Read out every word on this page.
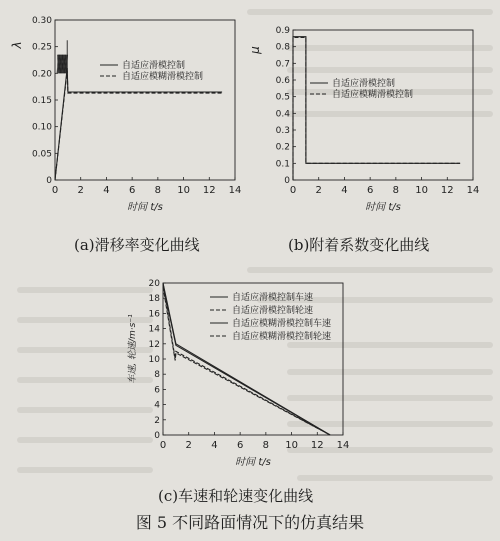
0 2 4 6 8 10 12 14
0
0.05
0.10
0.15
0.20
0.25
0.30
时间 t/s
λ
自适应滑模控制
自适应模糊滑模控制
(a)滑移率变化曲线
0 2 4 6 8 10 12 14
0
0.1
0.2
0.3
0.4
0.5
0.6
0.7
0.8
0.9
时间 t/s
μ
自适应滑模控制
自适应模糊滑模控制
(b)附着系数变化曲线
0 2 4 6 8 10 12 14
0
2
4
6
8
10
12
14
16
18
20
时间 t/s
车速, 轮速/m·s⁻¹
自适应滑模控制车速
自适应滑模控制轮速
自适应模糊滑模控制车速
自适应模糊滑模控制轮速
(c)车速和轮速变化曲线
图 5 不同路面情况下的仿真结果
